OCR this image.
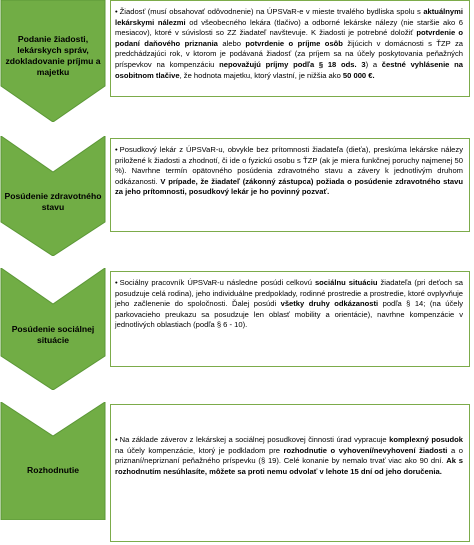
Podanie žiadosti, lekárskych správ, zdokladovanie príjmu a majetku

• Žiadosť (musí obsahovať odôvodnenie) na ÚPSVaR-e v mieste trvalého bydliska spolu s aktuálnymi lekárskymi nálezmi od všeobecného lekára (tlačivo) a odborné lekárske nálezy (nie staršie ako 6 mesiacov), ktoré v súvislosti so ZZ žiadateľ navštevuje. K žiadosti je potrebné doložiť potvrdenie o podaní daňového priznania alebo potvrdenie o príjme osôb žijúcich v domácnosti s ŤZP za predchádzajúci rok, v ktorom je podávaná žiadosť (za príjem sa na účely poskytovania peňažných príspevkov na kompenzáciu nepovažujú príjmy podľa § 18 ods. 3) a čestné vyhlásenie na osobitnom tlačive, že hodnota majetku, ktorý vlastní, je nižšia ako 50 000 €.

Posúdenie zdravotného stavu

• Posudkový lekár z ÚPSVaR-u, obvykle bez prítomnosti žiadateľa (dieťa), preskúma lekárske nálezy priložené k žiadosti a zhodnotí, či ide o fyzickú osobu s ŤZP (ak je miera funkčnej poruchy najmenej 50 %). Navrhne termín opätovného posúdenia zdravotného stavu a závery k jednotlivým druhom odkázanosti. V prípade, že žiadateľ (zákonný zástupca) požiada o posúdenie zdravotného stavu za jeho prítomnosti, posudkový lekár je ho povinný pozvať.

Posúdenie sociálnej situácie

• Sociálny pracovník ÚPSVaR-u následne posúdi celkovú sociálnu situáciu žiadateľa (pri deťoch sa posudzuje celá rodina), jeho individuálne predpoklady, rodinné prostredie a prostredie, ktoré ovplyvňuje jeho začlenenie do spoločnosti. Ďalej posúdi všetky druhy odkázanosti podľa § 14; (na účely parkovacieho preukazu sa posudzuje len oblasť mobility a orientácie), navrhne kompenzácie v jednotlivých oblastiach (podľa § 6 - 10).

Rozhodnutie

• Na základe záverov z lekárskej a sociálnej posudkovej činnosti úrad vypracuje komplexný posudok na účely kompenzácie, ktorý je podkladom pre rozhodnutie o vyhovení/nevyhovení žiadosti a o priznaní/nepriznaní peňažného príspevku (§ 19). Celé konanie by nemalo trvať viac ako 90 dní. Ak s rozhodnutím nesúhlasíte, môžete sa proti nemu odvolať v lehote 15 dní od jeho doručenia.
